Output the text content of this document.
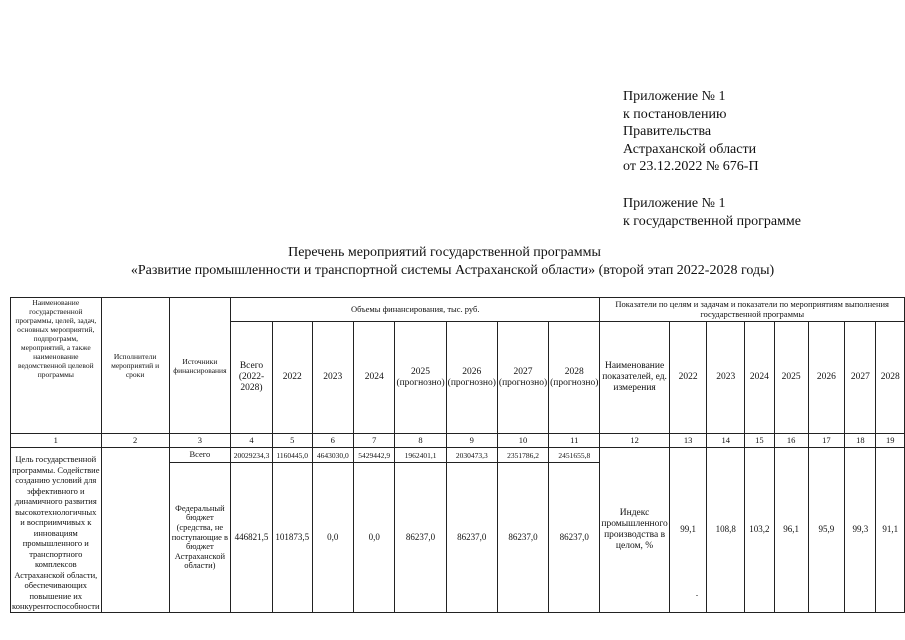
Приложение № 1
к постановлению
Правительства
Астраханской области
от 23.12.2022 № 676-П
Приложение № 1
к государственной программе
Перечень мероприятий государственной программы
«Развитие промышленности и транспортной системы Астраханской области» (второй этап 2022-2028 годы)
Наименование государственной программы, целей, задач, основных мероприятий, подпрограмм, мероприятий, а также наименование ведомственной целевой программы	Исполнители мероприятий и сроки	Источники финансирования	Объемы финансирования, тыс. руб.								Показатели по целям и задачам и показатели по мероприятиям выполнения государственной программы							
			Всего (2022-2028)	2022	2023	2024	2025 (прогнозно)	2026 (прогнозно)	2027 (прогнозно)	2028 (прогнозно)	Наименование показателей, ед. измерения	2022	2023	2024	2025	2026	2027	2028
1	2	3	4	5	6	7	8	9	10	11	12	13	14	15	16	17	18	19
Цель государственной программы. Содействие созданию условий для эффективного и динамичного развития высокотехнологичных и восприимчивых к инновациям промышленного и транспортного комплексов Астраханской области, обеспечивающих повышение их конкурентоспособности		Всего	20029234,3	1160445,0	4643030,0	5429442,9	1962401,1	2030473,3	2351786,2	2451655,8	Индекс промышленного производства в целом, %	99,1	108,8	103,2	96,1	95,9	99,3	91,1
		Федеральный бюджет (средства, не поступающие в бюджет Астраханской области)	446821,5	101873,5	0,0	0,0	86237,0	86237,0	86237,0	86237,0								
